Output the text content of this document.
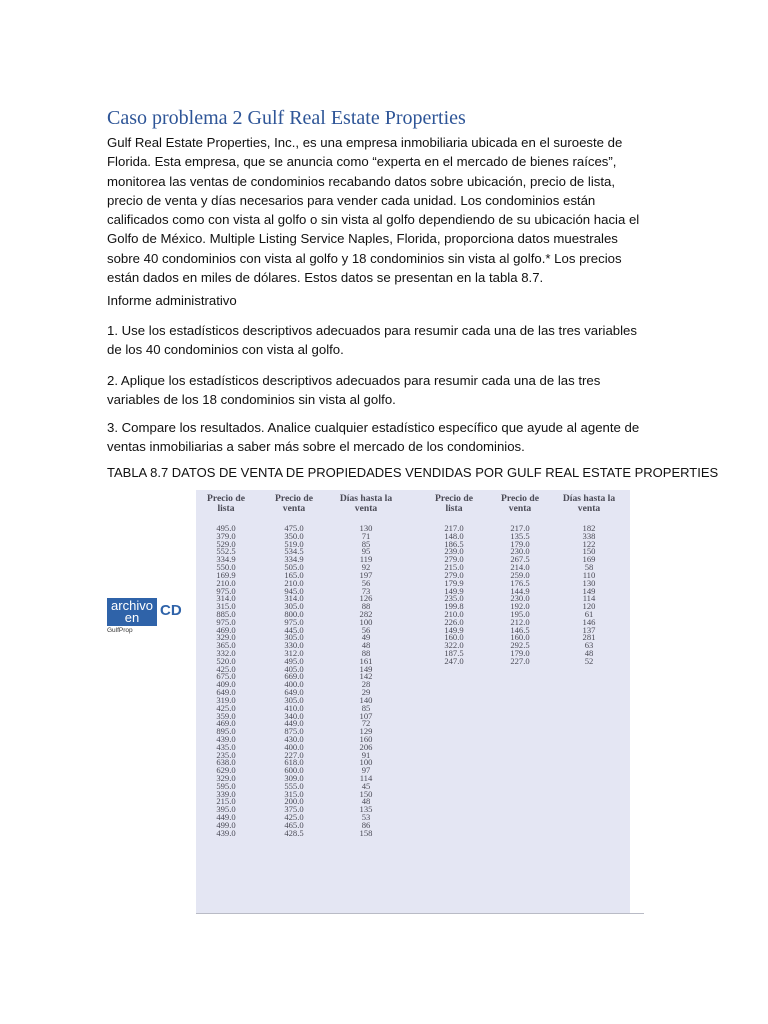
Caso problema 2 Gulf Real Estate Properties

Gulf Real Estate Properties, Inc., es una empresa inmobiliaria ubicada en el suroeste de Florida. Esta empresa, que se anuncia como “experta en el mercado de bienes raíces”, monitorea las ventas de condominios recabando datos sobre ubicación, precio de lista, precio de venta y días necesarios para vender cada unidad. Los condominios están calificados como con vista al golfo o sin vista al golfo dependiendo de su ubicación hacia el Golfo de México. Multiple Listing Service Naples, Florida, proporciona datos muestrales sobre 40 condominios con vista al golfo y 18 condominios sin vista al golfo.* Los precios están dados en miles de dólares. Estos datos se presentan en la tabla 8.7.

Informe administrativo

1. Use los estadísticos descriptivos adecuados para resumir cada una de las tres variables de los 40 condominios con vista al golfo.

2. Aplique los estadísticos descriptivos adecuados para resumir cada una de las tres variables de los 18 condominios sin vista al golfo.

3. Compare los resultados. Analice cualquier estadístico específico que ayude al agente de ventas inmobiliarias a saber más sobre el mercado de los condominios.

TABLA 8.7 DATOS DE VENTA DE PROPIEDADES VENDIDAS POR GULF REAL ESTATE PROPERTIES
archivo
en CD
GulfProp
Precio de lista
495.0
379.0
529.0
552.5
334.9
550.0
169.9
210.0
975.0
314.0
315.0
885.0
975.0
469.0
329.0
365.0
332.0
520.0
425.0
675.0
409.0
649.0
319.0
425.0
359.0
469.0
895.0
439.0
435.0
235.0
638.0
629.0
329.0
595.0
339.0
215.0
395.0
449.0
499.0
439.0
Precio de venta
475.0
350.0
519.0
534.5
334.9
505.0
165.0
210.0
945.0
314.0
305.0
800.0
975.0
445.0
305.0
330.0
312.0
495.0
405.0
669.0
400.0
649.0
305.0
410.0
340.0
449.0
875.0
430.0
400.0
227.0
618.0
600.0
309.0
555.0
315.0
200.0
375.0
425.0
465.0
428.5
Días hasta la venta
130
71
85
95
119
92
197
56
73
126
88
282
100
56
49
48
88
161
149
142
28
29
140
85
107
72
129
160
206
91
100
97
114
45
150
48
135
53
86
158
Precio de lista
217.0
148.0
186.5
239.0
279.0
215.0
279.0
179.9
149.9
235.0
199.8
210.0
226.0
149.9
160.0
322.0
187.5
247.0
Precio de venta
217.0
135.5
179.0
230.0
267.5
214.0
259.0
176.5
144.9
230.0
192.0
195.0
212.0
146.5
160.0
292.5
179.0
227.0
Días hasta la venta
182
338
122
150
169
58
110
130
149
114
120
61
146
137
281
63
48
52
